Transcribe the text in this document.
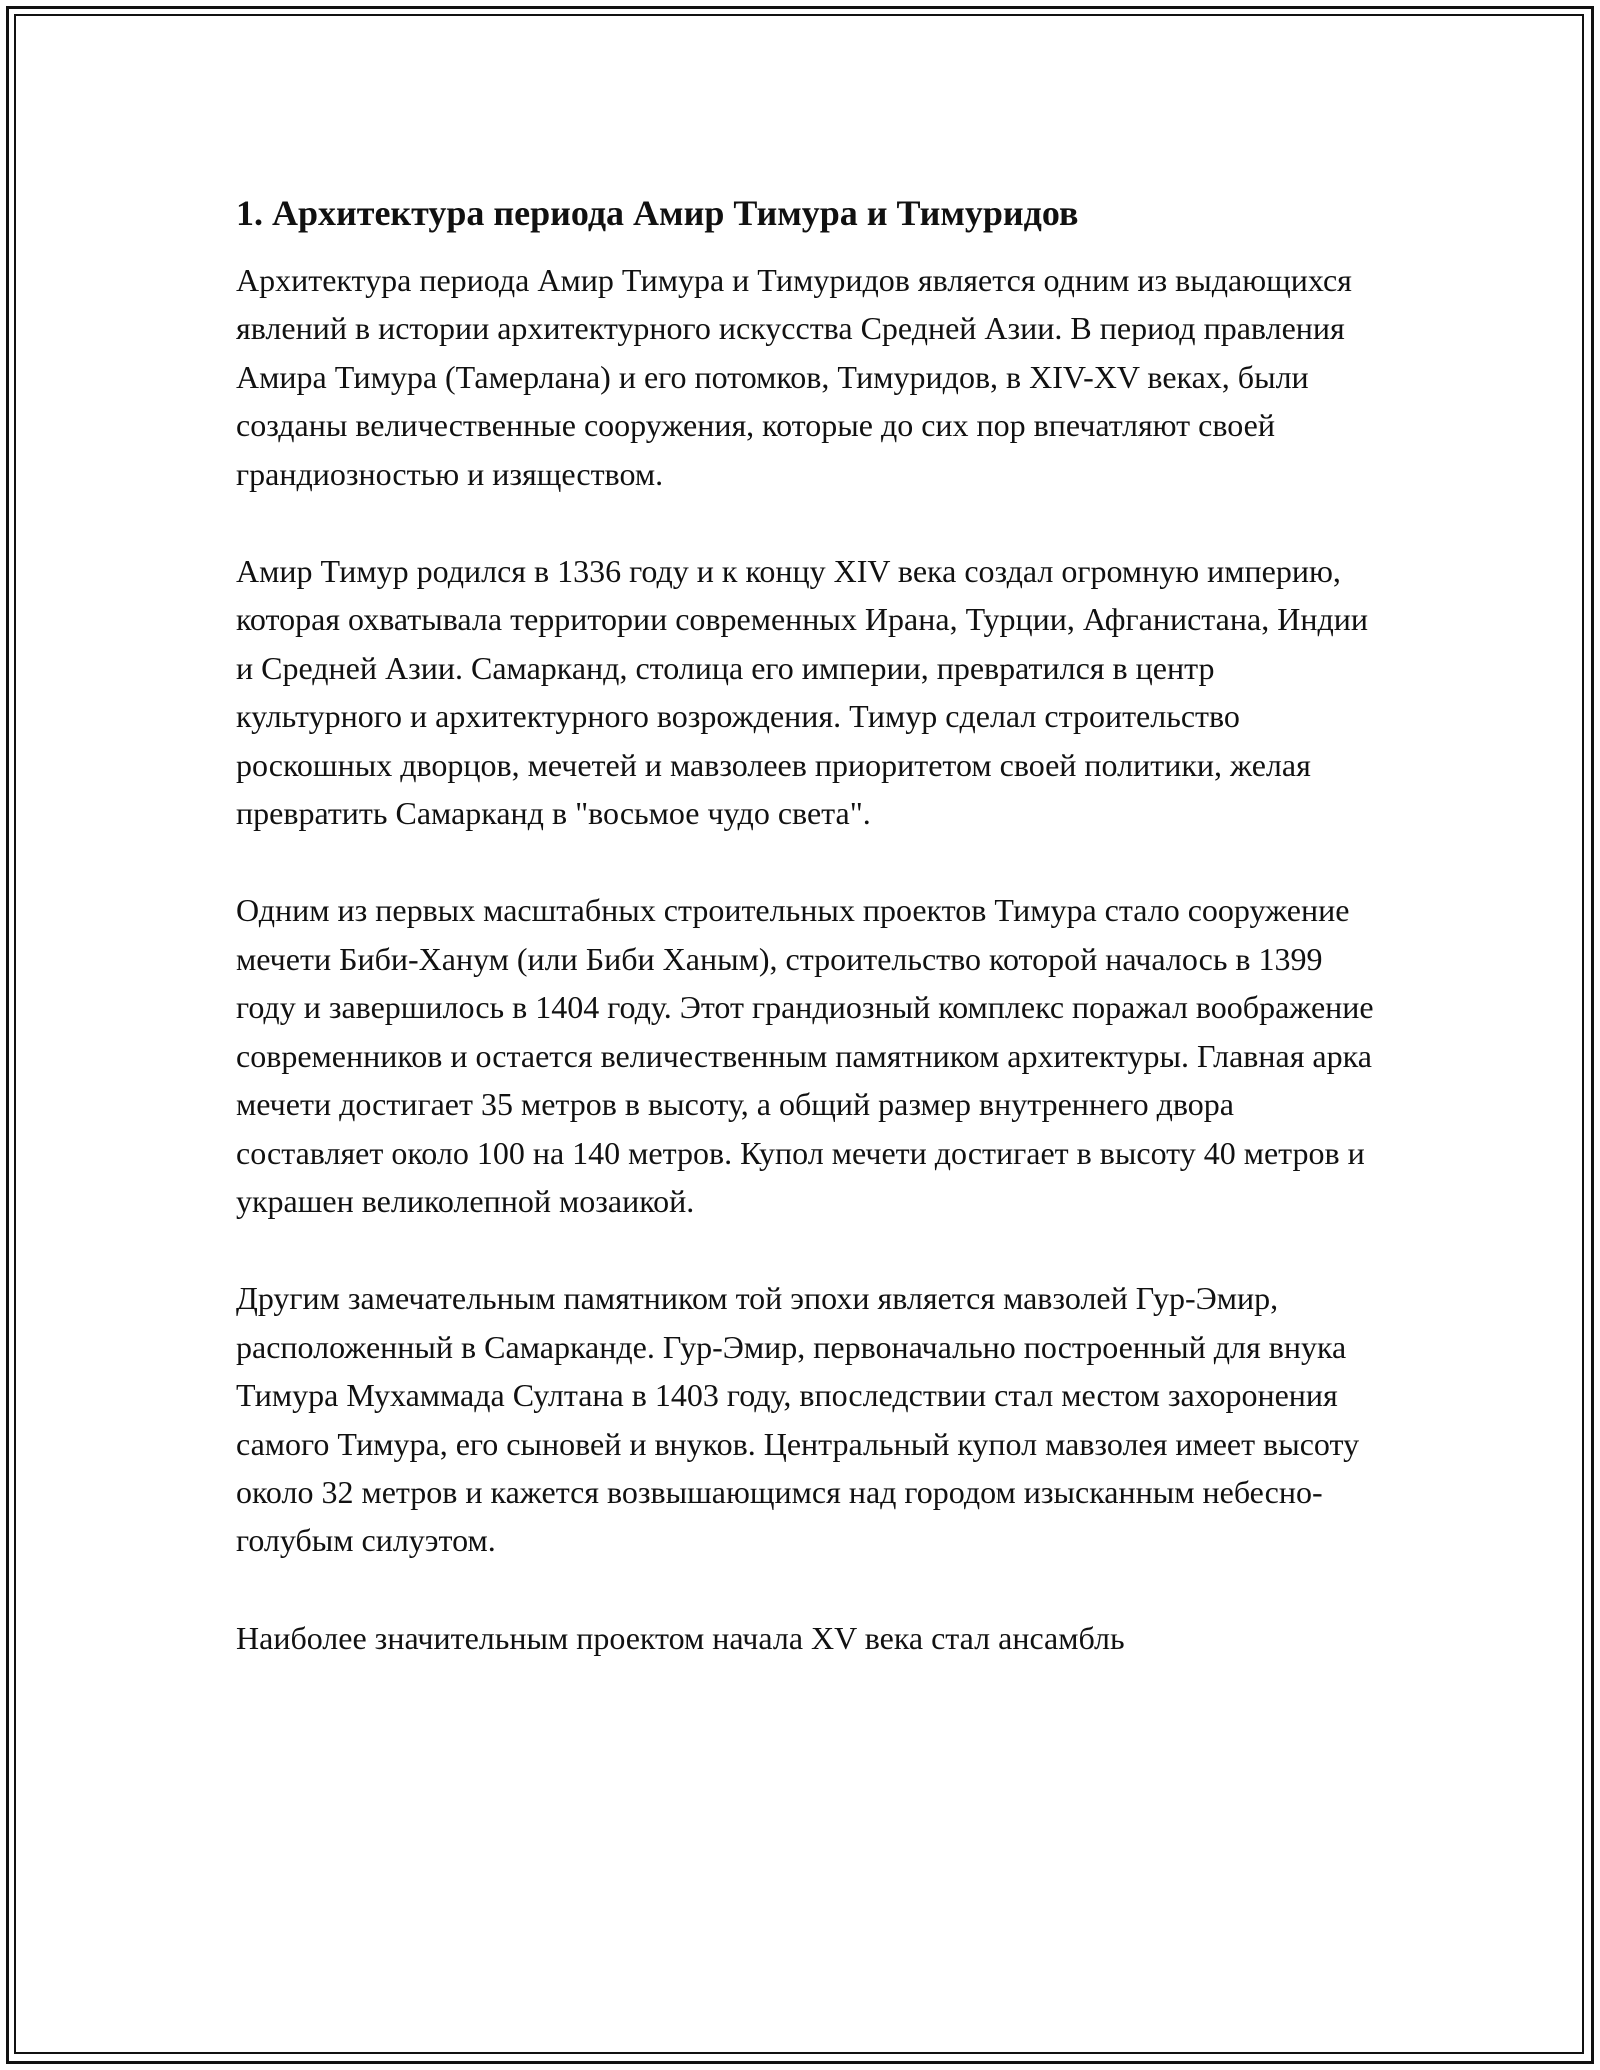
1. Архитектура периода Амир Тимура и Тимуридов

Архитектура периода Амир Тимура и Тимуридов является одним из выдающихся явлений в истории архитектурного искусства Средней Азии. В период правления Амира Тимура (Тамерлана) и его потомков, Тимуридов, в XIV-XV веках, были созданы величественные сооружения, которые до сих пор впечатляют своей грандиозностью и изяществом.

Амир Тимур родился в 1336 году и к концу XIV века создал огромную империю, которая охватывала территории современных Ирана, Турции, Афганистана, Индии и Средней Азии. Самарканд, столица его империи, превратился в центр культурного и архитектурного возрождения. Тимур сделал строительство роскошных дворцов, мечетей и мавзолеев приоритетом своей политики, желая превратить Самарканд в "восьмое чудо света".

Одним из первых масштабных строительных проектов Тимура стало сооружение мечети Биби-Ханум (или Биби Ханым), строительство которой началось в 1399 году и завершилось в 1404 году. Этот грандиозный комплекс поражал воображение современников и остается величественным памятником архитектуры. Главная арка мечети достигает 35 метров в высоту, а общий размер внутреннего двора составляет около 100 на 140 метров. Купол мечети достигает в высоту 40 метров и украшен великолепной мозаикой.

Другим замечательным памятником той эпохи является мавзолей Гур-Эмир, расположенный в Самарканде. Гур-Эмир, первоначально построенный для внука Тимура Мухаммада Султана в 1403 году, впоследствии стал местом захоронения самого Тимура, его сыновей и внуков. Центральный купол мавзолея имеет высоту около 32 метров и кажется возвышающимся над городом изысканным небесно-голубым силуэтом.

Наиболее значительным проектом начала XV века стал ансамбль
